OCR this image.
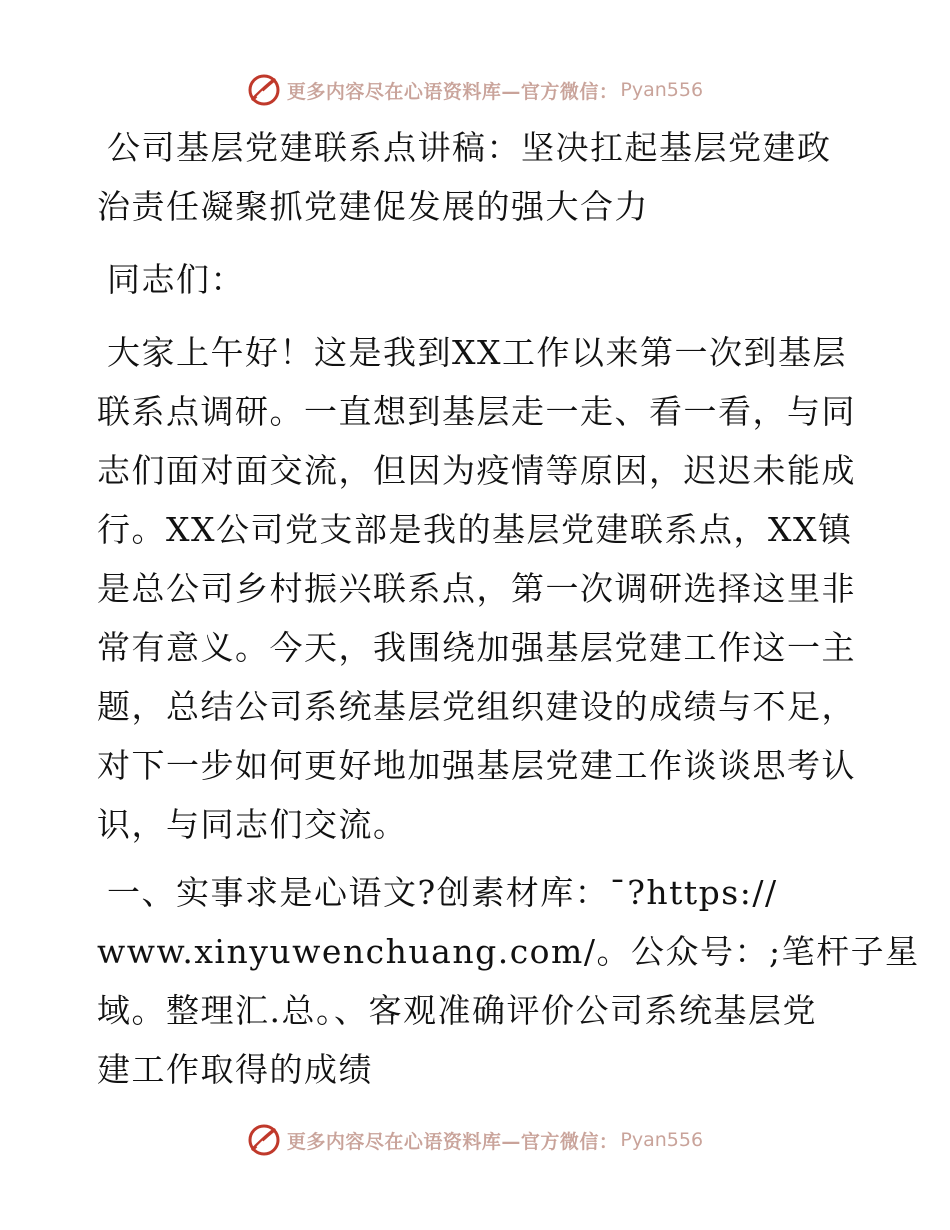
更多内容尽在心语资料库—官方微信： Pyan556
公司基层党建联系点讲稿：坚决扛起基层党建政
治责任凝聚抓党建促发展的强大合力
同志们：
大家上午好！这是我到XX工作以来第一次到基层
联系点调研。一直想到基层走一走、看一看，与同
志们面对面交流，但因为疫情等原因，迟迟未能成
行。XX公司党支部是我的基层党建联系点，XX镇
是总公司乡村振兴联系点，第一次调研选择这里非
常有意义。今天，我围绕加强基层党建工作这一主
题，总结公司系统基层党组织建设的成绩与不足，
对下一步如何更好地加强基层党建工作谈谈思考认
识，与同志们交流。
一、实事求是心语文?创素材库：¯?https://
www.xinyuwenchuang.com/。公众号：;笔杆子星
域。整理汇.总。、客观准确评价公司系统基层党
建工作取得的成绩
更多内容尽在心语资料库—官方微信： Pyan556
